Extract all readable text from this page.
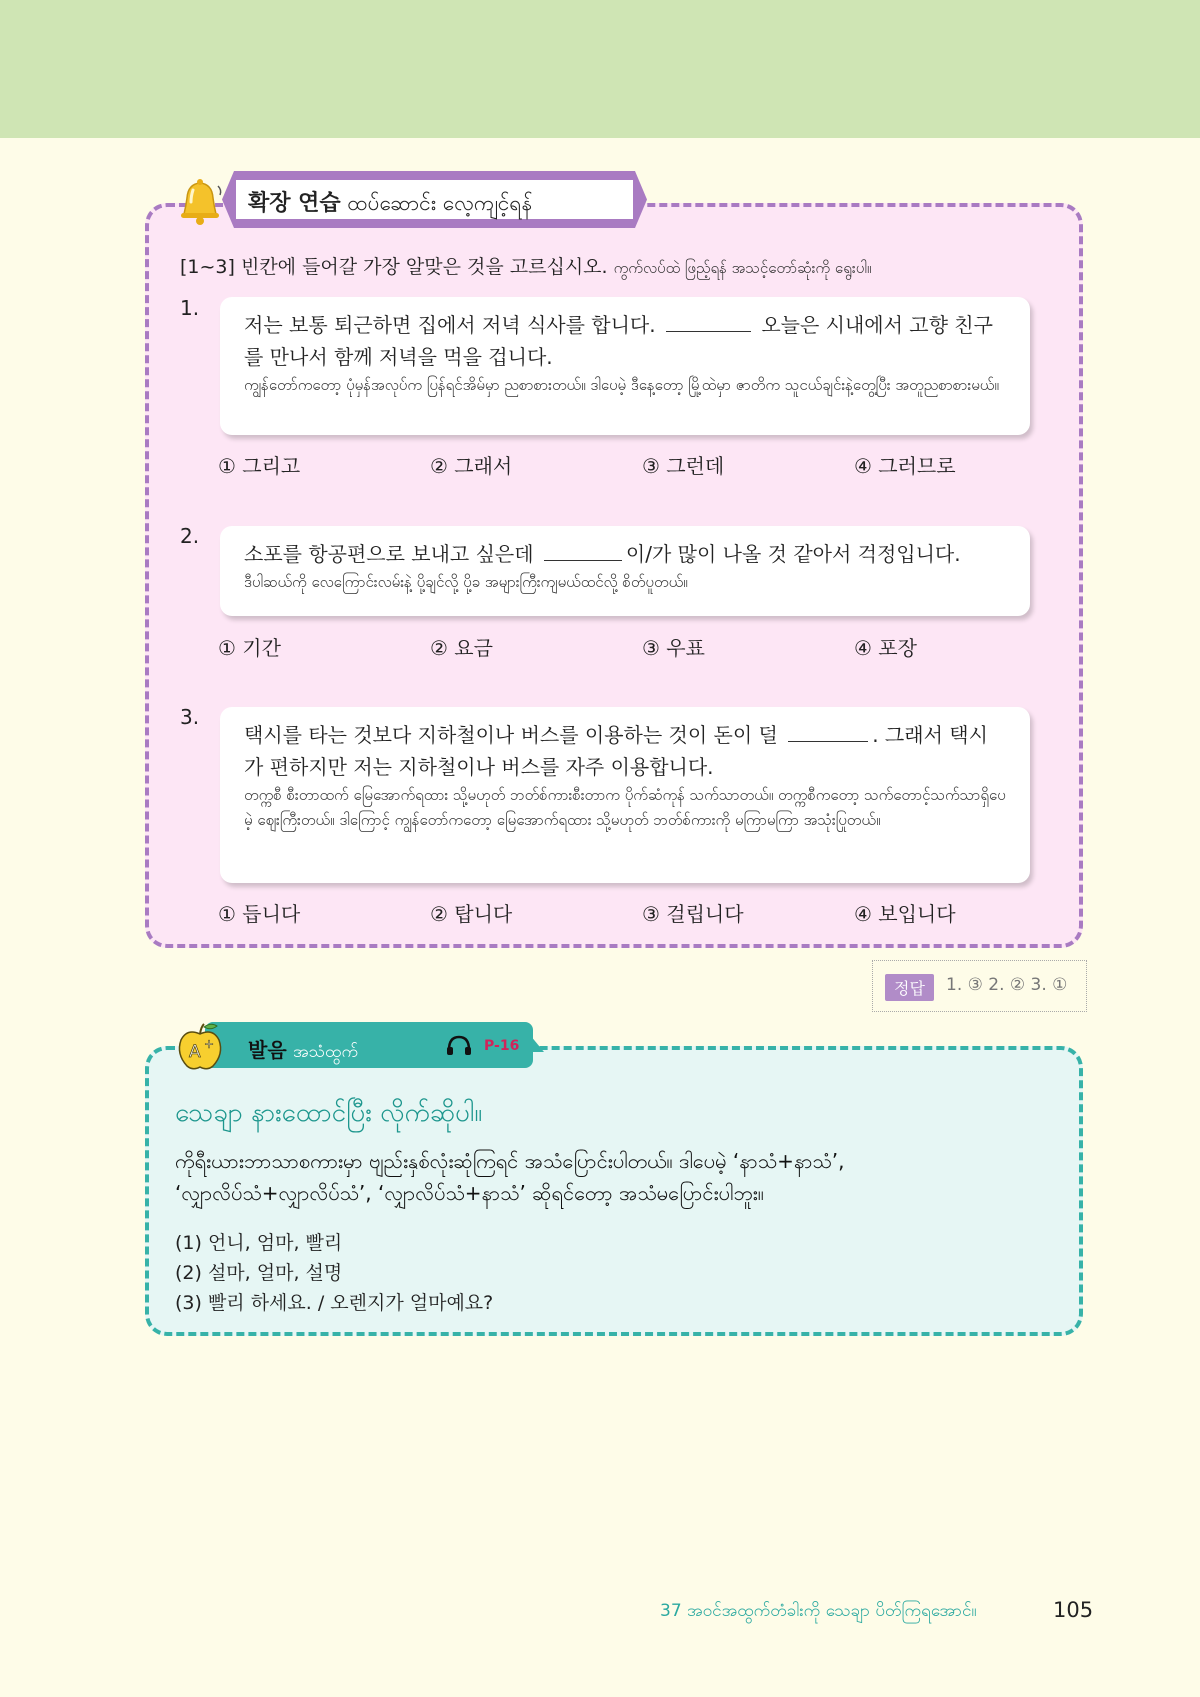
확장 연습 ထပ်ဆောင်း လေ့ကျင့်ရန်
[1~3] 빈칸에 들어갈 가장 알맞은 것을 고르십시오. ကွက်လပ်ထဲ ဖြည့်ရန် အသင့်တော်ဆုံးကို ရွေးပါ။
1.

저는 보통 퇴근하면 집에서 저녁 식사를 합니다.	오늘은 시내에서 고향 친구를 만나서 함께 저녁을 먹을 겁니다.

ကျွန်တော်ကတော့ ပုံမှန်အလုပ်က ပြန်ရင်အိမ်မှာ ညစာစားတယ်။ ဒါပေမဲ့ ဒီနေ့တော့ မြို့ထဲမှာ ဇာတိက သူငယ်ချင်းနဲ့တွေ့ပြီး အတူညစာစားမယ်။

① 그리고	② 그래서	③ 그런데	④ 그러므로
2.

소포를 항공편으로 보내고 싶은데	이/가 많이 나올 것 같아서 걱정입니다.

ဒီပါဆယ်ကို လေကြောင်းလမ်းနဲ့ ပို့ချင်လို့ ပို့ခ အများကြီးကျမယ်ထင်လို့ စိတ်ပူတယ်။

① 기간	② 요금	③ 우표	④ 포장
3.

택시를 타는 것보다 지하철이나 버스를 이용하는 것이 돈이 덜	. 그래서 택시가 편하지만 저는 지하철이나 버스를 자주 이용합니다.

တက္ကစီ စီးတာထက် မြေအောက်ရထား သို့မဟုတ် ဘတ်စ်ကားစီးတာက ပိုက်ဆံကုန် သက်သာတယ်။ တက္ကစီကတော့ သက်တောင့်သက်သာရှိပေမဲ့ ဈေးကြီးတယ်။ ဒါကြောင့် ကျွန်တော်ကတော့ မြေအောက်ရထား သို့မဟုတ် ဘတ်စ်ကားကို မကြာမကြာ အသုံးပြုတယ်။

① 듭니다	② 탑니다	③ 걸립니다	④ 보입니다
정답	1. ③ 2. ② 3. ①
A + 발음 အသံထွက်	P-16
သေချာ နားထောင်ပြီး လိုက်ဆိုပါ။
ကိုရီးယားဘာသာစကားမှာ ဗျည်းနှစ်လုံးဆုံကြရင် အသံပြောင်းပါတယ်။ ဒါပေမဲ့ ‘နာသံ+နာသံ’, ‘လျှာလိပ်သံ+လျှာလိပ်သံ’, ‘လျှာလိပ်သံ+နာသံ’ ဆိုရင်တော့ အသံမပြောင်းပါဘူး။
(1) 언니, 엄마, 빨리
(2) 설마, 얼마, 설명
(3) 빨리 하세요. / 오렌지가 얼마예요?
37 အဝင်အထွက်တံခါးကို သေချာ ပိတ်ကြရအောင်။	105
